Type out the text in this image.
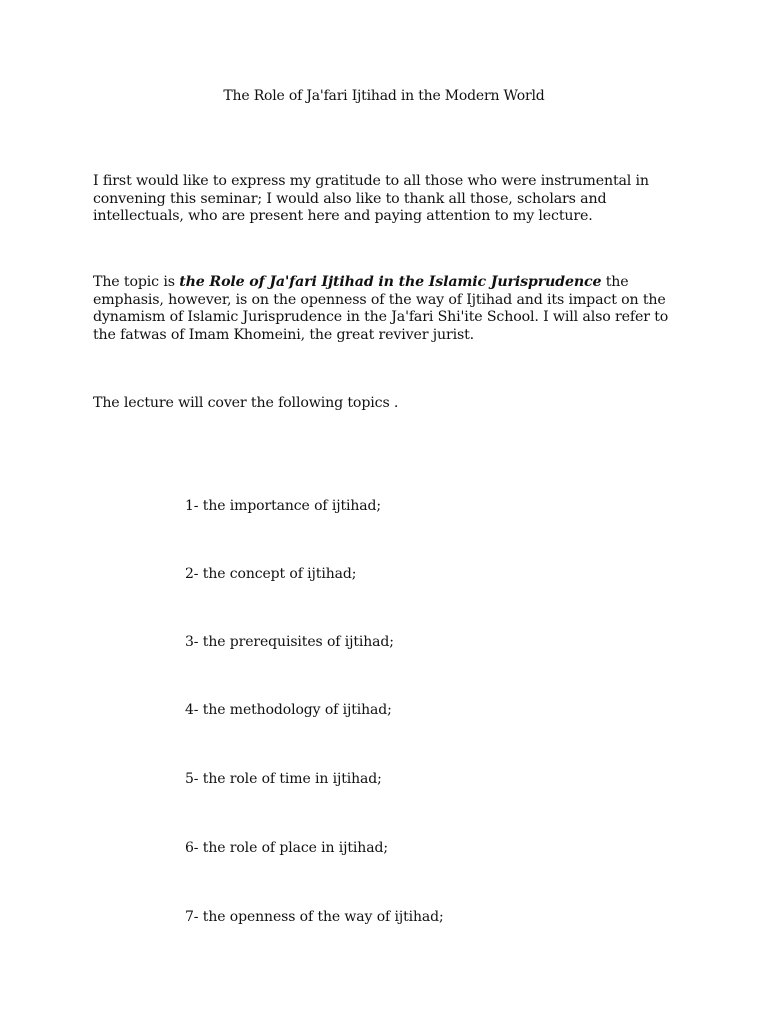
The Role of Ja'fari Ijtihad in the Modern World
I first would like to express my gratitude to all those who were instrumental in convening this seminar; I would also like to thank all those, scholars and intellectuals, who are present here and paying attention to my lecture.
The topic is the Role of Ja'fari Ijtihad in the Islamic Jurisprudence the emphasis, however, is on the openness of the way of Ijtihad and its impact on the dynamism of Islamic Jurisprudence in the Ja'fari Shi'ite School. I will also refer to the fatwas of Imam Khomeini, the great reviver jurist.
The lecture will cover the following topics .
1- the importance of ijtihad;
2- the concept of ijtihad;
3- the prerequisites of ijtihad;
4- the methodology of ijtihad;
5- the role of time in ijtihad;
6- the role of place in ijtihad;
7- the openness of the way of ijtihad;
